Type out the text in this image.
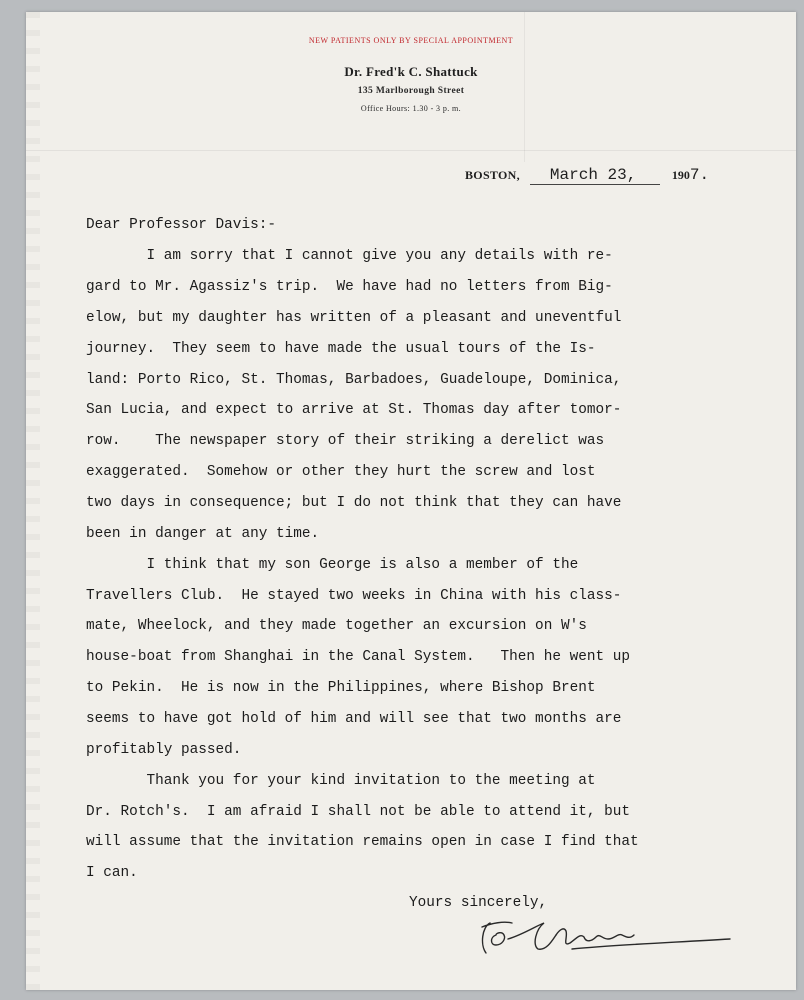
NEW PATIENTS ONLY BY SPECIAL APPOINTMENT
Dr. Fred'k C. Shattuck
135 Marlborough Street
Office Hours: 1.30 - 3 p. m.
BOSTON, March 23,	1907.
Dear Professor Davis:-
I am sorry that I cannot give you any details with re-
gard to Mr. Agassiz's trip.  We have had no letters from Big-
elow, but my daughter has written of a pleasant and uneventful
journey.  They seem to have made the usual tours of the Is-
land: Porto Rico, St. Thomas, Barbadoes, Guadeloupe, Dominica,
San Lucia, and expect to arrive at St. Thomas day after tomor-
row.    The newspaper story of their striking a derelict was
exaggerated.  Somehow or other they hurt the screw and lost
two days in consequence; but I do not think that they can have
been in danger at any time.
I think that my son George is also a member of the
Travellers Club.  He stayed two weeks in China with his class-
mate, Wheelock, and they made together an excursion on W's
house-boat from Shanghai in the Canal System.   Then he went up
to Pekin.  He is now in the Philippines, where Bishop Brent
seems to have got hold of him and will see that two months are
profitably passed.
Thank you for your kind invitation to the meeting at
Dr. Rotch's.  I am afraid I shall not be able to attend it, but
will assume that the invitation remains open in case I find that
I can.
Yours sincerely,
